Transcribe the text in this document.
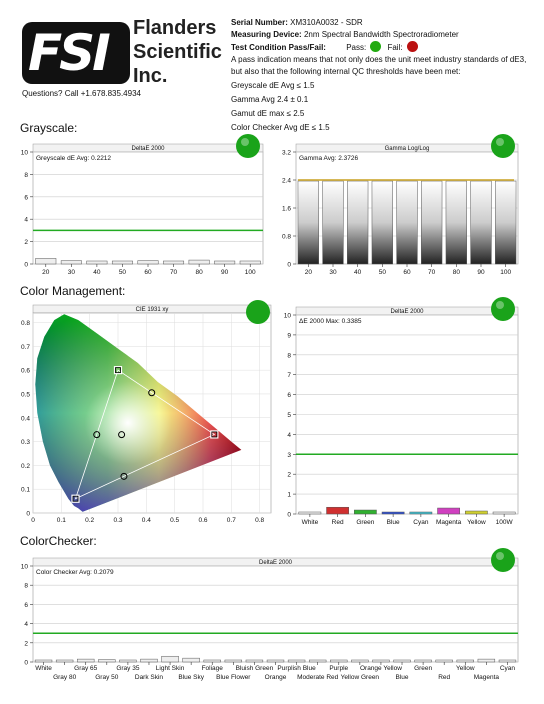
FSI	Flanders
Scientific
Inc.
Questions? Call +1.678.835.4934
Serial Number: XM310A0032 - SDR
Measuring Device: 2nm Spectral Bandwidth Spectroradiometer
Test Condition Pass/Fail:	Pass:	Fail:
A pass indication means that not only does the unit meet industry standards of dE3, but also that the following internal QC thresholds have been met:
Greyscale dE Avg ≤ 1.5
Gamma Avg 2.4 ± 0.1
Gamut dE max ≤ 2.5
Color Checker Avg dE ≤ 1.5
Grayscale:
Color Management:
ColorChecker:
DeltaE 2000
0
2
4
6
8
10
Greyscale dE Avg: 0.2212
20	30	40	50	60	70	80	90	100
Gamma Log/Log
0
0.8
1.6
2.4
3.2
Gamma Avg: 2.3726
20	30	40	50	60	70	80	90 100
CIE 1931 xy
0
0.1
0.2
0.3
0.4
0.5
0.6
0.7
0.8
0	0.1	0.2	0.3	0.4	0.5	0.6	0.7	0.8
DeltaE 2000
0
1
2
3
4
5
6
7
8
9
10
ΔE 2000 Max: 0.3385
White Red Green Blue Cyan Magenta Yellow 100W
DeltaE 2000
0
2
4
6
8
10
Color Checker Avg: 0.2079
White
Gray 80
Gray 65
Gray 50
Gray 35
Dark Skin
Light Skin
Blue Sky
Foliage
Blue Flower
Bluish Green
Orange
Purplish Blue
Moderate Red
Purple
Yellow Green
Orange Yellow
Blue
Green
Red
Yellow
Magenta
Cyan
